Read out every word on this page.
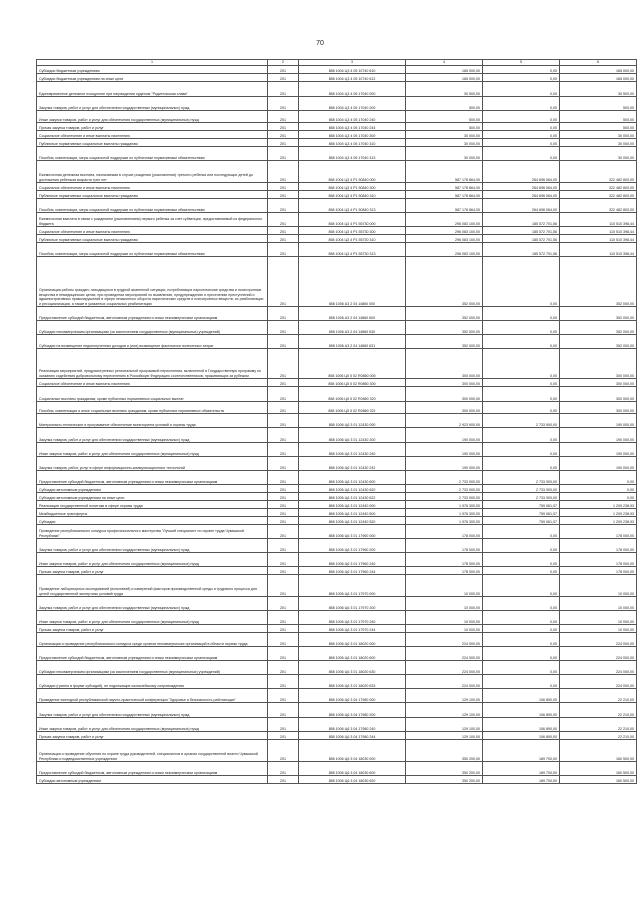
70
1	2	3	4	5	6
Субсидии бюджетным учреждениям	201	858 1004 Ц3 4 05 10740 610	165 000,00	0,00	165 000,00
Субсидии бюджетным учреждениям на иные цели	201	858 1004 Ц3 4 05 10740 612	165 000,00	0,00	165 000,00
Единовременное денежное поощрение при награждении орденом "Родительская слава"	201	858 1004 Ц3 4 05 17040 000	30 500,00	0,00	30 500,00
Закупка товаров, работ и услуг для обеспечения государственных (муниципальных) нужд	201	858 1004 Ц3 4 05 17040 200	500,00	0,00	500,00
Иные закупки товаров, работ и услуг для обеспечения государственных (муниципальных) нужд	201	858 1004 Ц3 4 05 17040 240	500,00	0,00	500,00
Прочая закупка товаров, работ и услуг	201	858 1004 Ц3 4 05 17040 244	500,00	0,00	500,00
Социальное обеспечение и иные выплаты населению	201	858 1004 Ц3 4 05 17040 300	30 000,00	0,00	30 000,00
Публичные нормативные социальные выплаты гражданам	201	858 1004 Ц3 4 05 17040 310	30 000,00	0,00	30 000,00
Пособия, компенсации, меры социальной поддержки по публичным нормативным обязательствам	201	858 1004 Ц3 4 05 17040 313	30 000,00	0,00	30 000,00
Ежемесячная денежная выплата, назначаемая в случае рождения (усыновления) третьего ребенка или последующих детей до достижения ребенком возраста трех лет	201	858 1004 Ц3 4 Р1 50840 000	587 178 864,00	264 696 064,00	322 482 800,00
Социальное обеспечение и иные выплаты населению	201	858 1004 Ц3 4 Р1 50840 300	587 178 864,00	264 696 064,00	322 482 800,00
Публичные нормативные социальные выплаты гражданам	201	858 1004 Ц3 4 Р1 50840 310	587 178 864,00	264 696 064,00	322 482 800,00
Пособия, компенсации, меры социальной поддержки по публичным нормативным обязательствам	201	858 1004 Ц3 4 Р1 50840 313	587 178 864,00	264 696 064,00	322 482 800,00
Ежемесячная выплата в связи с рождением (усыновлением) первого ребенка за счет субвенции, предоставляемой из федерального бюджета	201	858 1004 Ц3 4 Р1 55730 000	296 083 100,00	185 572 701,56	110 510 398,44
Социальное обеспечение и иные выплаты населению	201	858 1004 Ц3 4 Р1 55730 300	296 083 100,00	185 572 701,56	110 510 398,44
Публичные нормативные социальные выплаты гражданам	201	858 1004 Ц3 4 Р1 55730 310	296 083 100,00	185 572 701,56	110 510 398,44
Пособия, компенсации, меры социальной поддержки по публичным нормативным обязательствам	201	858 1004 Ц3 4 Р1 55730 313	296 083 100,00	185 572 701,56	110 510 398,44
Организация работы граждан, находящихся в трудной жизненной ситуации, потребляющих наркотические средства и психотропные вещества в немедицинских целях, при проведении мероприятий по выявлению, предупреждению и пресечению преступлений и административных правонарушений в сфере незаконного оборота наркотических средств и психотропных веществ, их реабилитации и ресоциализации, а также в указанных социальных реабилитации	201	858 1006 А3 2 04 14860 000	352 000,00	0,00	352 000,00
Предоставление субсидий бюджетным, автономным учреждениям и иным некоммерческим организациям	201	858 1006 А3 2 04 14860 600	352 000,00	0,00	352 000,00
Субсидии некоммерческим организациям (за исключением государственных (муниципальных) учреждений)	201	858 1006 А3 2 04 14860 630	352 000,00	0,00	352 000,00
Субсидии на возмещение недополученных доходов и (или) возмещение фактически понесенных затрат	201	858 1006 А3 2 04 14860 631	352 000,00	0,00	352 000,00
Реализация мероприятий, предусмотренных региональной программой переселения, включенной в Государственную программу по оказанию содействия добровольному переселению в Российскую Федерацию соотечественников, проживающих за рубежом	201	858 1006 Ц5 5 02 R0860 000	300 000,00	0,00	300 000,00
Социальное обеспечение и иные выплаты населению	201	858 1006 Ц5 5 02 R0860 300	300 000,00	0,00	300 000,00
Социальные выплаты гражданам, кроме публичных нормативных социальных выплат	201	858 1006 Ц5 5 02 R0860 320	300 000,00	0,00	300 000,00
Пособия, компенсации и иные социальные выплаты гражданам, кроме публичных нормативных обязательств	201	858 1006 Ц5 5 02 R0860 321	300 000,00	0,00	300 000,00
Материально-техническое и программное обеспечение мониторинга условий и охраны труда	201	858 1006 Ц6 3 01 12430 000	2 923 900,00	2 733 900,00	190 000,00
Закупка товаров, работ и услуг для обеспечения государственных (муниципальных) нужд	201	858 1006 Ц6 3 01 12430 200	190 000,00	0,00	190 000,00
Иные закупки товаров, работ и услуг для обеспечения государственных (муниципальных) нужд	201	858 1006 Ц6 3 01 12430 240	190 000,00	0,00	190 000,00
Закупка товаров, работ, услуг в сфере информационно-коммуникационных технологий	201	858 1006 Ц6 3 01 12430 242	190 000,00	0,00	190 000,00
Предоставление субсидий бюджетным, автономным учреждениям и иным некоммерческим организациям	201	858 1006 Ц6 3 01 12430 600	2 733 900,00	2 733 900,00	0,00
Субсидии автономным учреждениям	201	858 1006 Ц6 3 01 12430 620	2 733 900,00	2 733 900,00	0,00
Субсидии автономным учреждениям на иные цели	201	858 1006 Ц6 3 01 12430 622	2 733 900,00	2 733 900,00	0,00
Реализация государственной политики в сфере охраны труда	201	858 1006 Ц6 3 01 12440 000	1 976 300,00	759 061,07	1 209 238,93
Межбюджетные трансферты	201	858 1006 Ц6 3 01 12440 500	1 976 300,00	759 061,07	1 209 238,93
Субсидии	201	858 1006 Ц6 3 01 12440 520	1 976 300,00	759 061,07	1 209 238,93
Проведение республиканского конкурса профессионального мастерства "Лучший специалист по охране труда Чувашской Республики"	201	858 1006 Ц6 3 01 17960 000	178 000,00	0,00	178 000,00
Закупка товаров, работ и услуг для обеспечения государственных (муниципальных) нужд	201	858 1006 Ц6 3 01 17960 200	178 000,00	0,00	178 000,00
Иные закупки товаров, работ и услуг для обеспечения государственных (муниципальных) нужд	201	858 1006 Ц6 3 01 17960 240	178 000,00	0,00	178 000,00
Прочая закупка товаров, работ и услуг	201	858 1006 Ц6 3 01 17960 244	178 000,00	0,00	178 000,00
Проведение лабораторных исследований (испытаний) и измерений факторов производственной среды и трудового процесса для целей государственной экспертизы условий труда	201	858 1006 Ц6 3 01 17970 000	10 000,00	0,00	10 000,00
Закупка товаров, работ и услуг для обеспечения государственных (муниципальных) нужд	201	858 1006 Ц6 3 01 17970 200	10 000,00	0,00	10 000,00
Иные закупки товаров, работ и услуг для обеспечения государственных (муниципальных) нужд	201	858 1006 Ц6 3 01 17970 240	10 000,00	0,00	10 000,00
Прочая закупка товаров, работ и услуг	201	858 1006 Ц6 3 01 17970 244	10 000,00	0,00	10 000,00
Организация и проведение республиканского конкурса среди органов некоммерческих организаций в области охраны труда	201	858 1006 Ц6 3 01 18020 000	224 000,00	0,00	224 000,00
Предоставление субсидий бюджетным, автономным учреждениям и иным некоммерческим организациям	201	858 1006 Ц6 3 01 18020 600	224 000,00	0,00	224 000,00
Субсидии некоммерческим организациям (за исключением государственных (муниципальных) учреждений)	201	858 1006 Ц6 3 01 18020 630	224 000,00	0,00	224 000,00
Субсидии (гранты в форме субсидий), не подлежащие казначейскому сопровождению	201	858 1006 Ц6 3 01 18020 633	224 000,00	0,00	224 000,00
Проведение ежегодной республиканской научно-практической конференции "Здоровье и безопасность работающих"	201	858 1006 Ц6 3 04 17980 000	129 100,00	106 890,00	22 210,00
Закупка товаров, работ и услуг для обеспечения государственных (муниципальных) нужд	201	858 1006 Ц6 3 04 17980 200	129 100,00	106 890,00	22 210,00
Иные закупки товаров, работ и услуг для обеспечения государственных (муниципальных) нужд	201	858 1006 Ц6 3 04 17980 240	129 100,00	106 890,00	22 210,00
Прочая закупка товаров, работ и услуг	201	858 1006 Ц6 3 04 17980 244	129 100,00	106 890,00	22 210,00
Организация и проведение обучения по охране труда руководителей, специалистов в органах государственной власти Чувашской Республики и подведомственных учреждениях	201	858 1006 Ц6 3 04 18030 000	350 200,00	189 700,00	160 500,00
Предоставление субсидий бюджетным, автономным учреждениям и иным некоммерческим организациям	201	858 1006 Ц6 3 04 18030 600	350 200,00	189 700,00	160 500,00
Субсидии автономным учреждениям	201	858 1006 Ц6 3 04 18030 620	350 200,00	189 700,00	160 500,00
